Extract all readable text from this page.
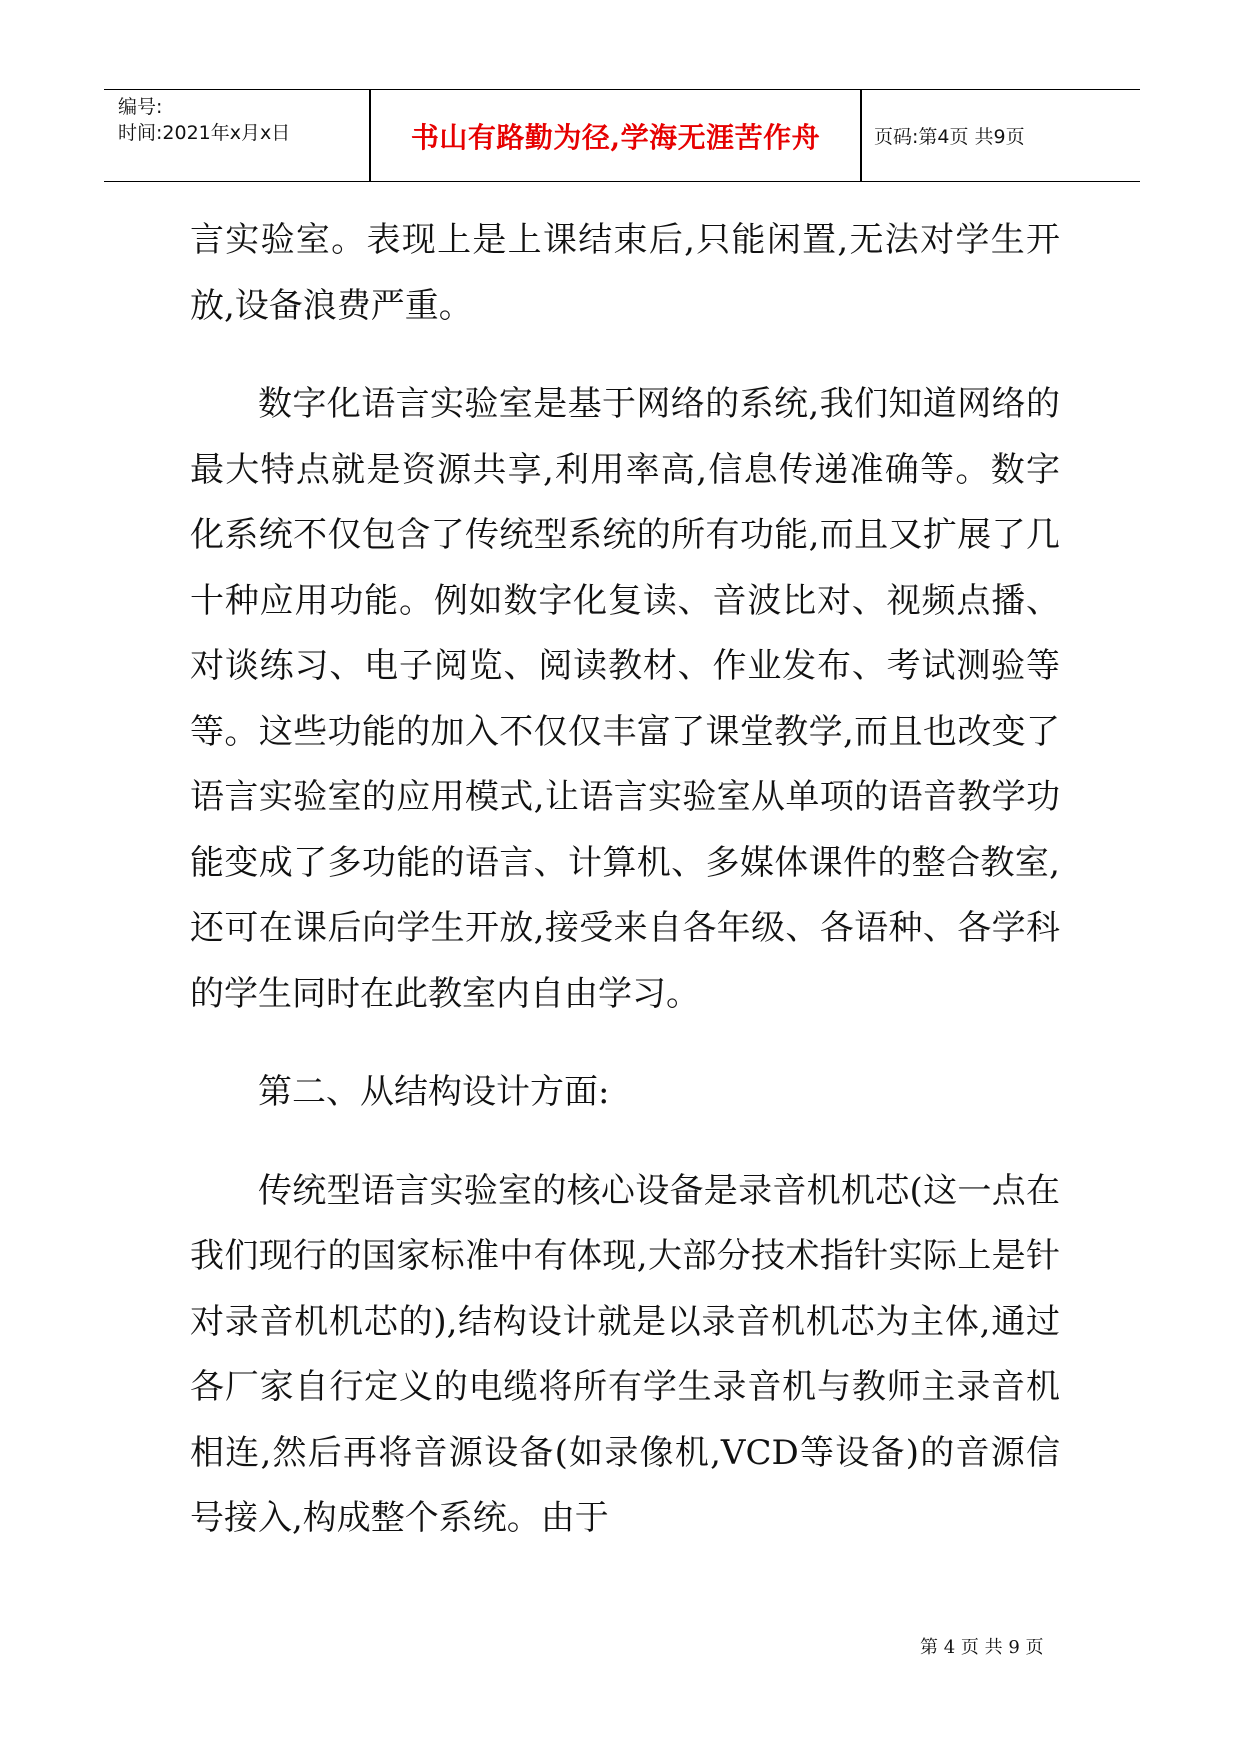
编号:
时间:2021年x月x日	书山有路勤为径,学海无涯苦作舟	页码:第4页 共9页

言实验室。表现上是上课结束后,只能闲置,无法对学生开放,设备浪费严重。

数字化语言实验室是基于网络的系统,我们知道网络的最大特点就是资源共享,利用率高,信息传递准确等。数字化系统不仅包含了传统型系统的所有功能,而且又扩展了几十种应用功能。例如数字化复读、音波比对、视频点播、对谈练习、电子阅览、阅读教材、作业发布、考试测验等等。这些功能的加入不仅仅丰富了课堂教学,而且也改变了语言实验室的应用模式,让语言实验室从单项的语音教学功能变成了多功能的语言、计算机、多媒体课件的整合教室,还可在课后向学生开放,接受来自各年级、各语种、各学科的学生同时在此教室内自由学习。

第二、从结构设计方面:

传统型语言实验室的核心设备是录音机机芯(这一点在我们现行的国家标准中有体现,大部分技术指针实际上是针对录音机机芯的),结构设计就是以录音机机芯为主体,通过各厂家自行定义的电缆将所有学生录音机与教师主录音机相连,然后再将音源设备(如录像机,VCD等设备)的音源信号接入,构成整个系统。由于

第 4 页 共 9 页
